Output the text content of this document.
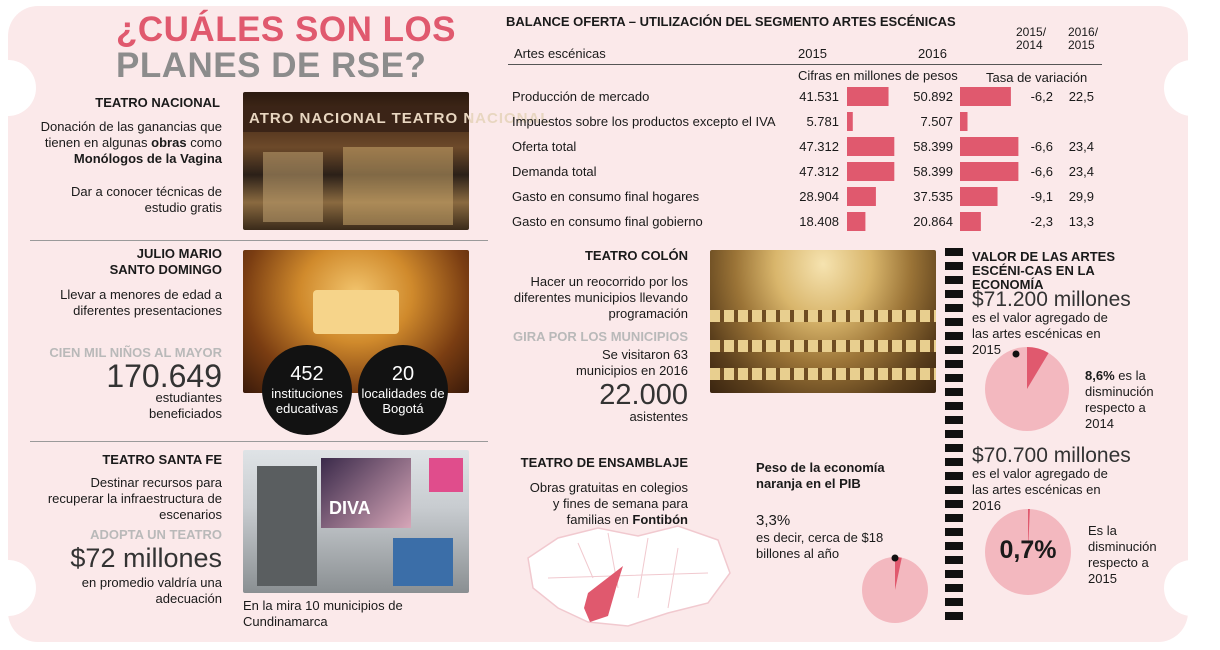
¿CUÁLES SON LOS
PLANES DE RSE?
TEATRO NACIONAL
Donación de las ganancias que tienen en algunas obras como Monólogos de la Vagina
Dar a conocer técnicas de estudio gratis
ATRO NACIONAL TEATRO NACIONAL
JULIO MARIO
SANTO DOMINGO
Llevar a menores de edad a diferentes presentaciones
CIEN MIL NIÑOS AL MAYOR
170.649
estudiantes beneficiados
452
instituciones educativas
20
localidades de Bogotá
TEATRO SANTA FE
Destinar recursos para recuperar la infraestructura de escenarios
ADOPTA UN TEATRO
$72 millones
en promedio valdría una adecuación
DIVA
En la mira 10 municipios de Cundinamarca
BALANCE OFERTA – UTILIZACIÓN DEL SEGMENTO ARTES ESCÉNICAS
2015/ 2014
2016/ 2015
Artes escénicas	2015	2016
Cifras en millones de pesos Tasa de variación
Producción de mercado	41.531	50.892	-6,2 22,5
Impuestos sobre los productos excepto el IVA 5.781	7.507
Oferta total	47.312	58.399	-6,6 23,4
Demanda total	47.312	58.399	-6,6 23,4
Gasto en consumo final hogares	28.904	37.535	-9,1 29,9
Gasto en consumo final gobierno	18.408	20.864	-2,3 13,3
TEATRO COLÓN
Hacer un reocorrido por los diferentes municipios llevando programación
GIRA POR LOS MUNICIPIOS
Se visitaron 63 municipios en 2016
22.000
asistentes
TEATRO DE ENSAMBLAJE
Obras gratuitas en colegios y fines de semana para familias en Fontibón
Peso de la economía naranja en el PIB
3,3%
es decir, cerca de $18 billones al año
VALOR DE LAS ARTES ESCÉNI-CAS EN LA ECONOMÍA
$71.200 millones
es el valor agregado de las artes escénicas en 2015
8,6% es la disminución respecto a 2014
$70.700 millones
es el valor agregado de las artes escénicas en 2016
0,7%
Es la disminución respecto a 2015
